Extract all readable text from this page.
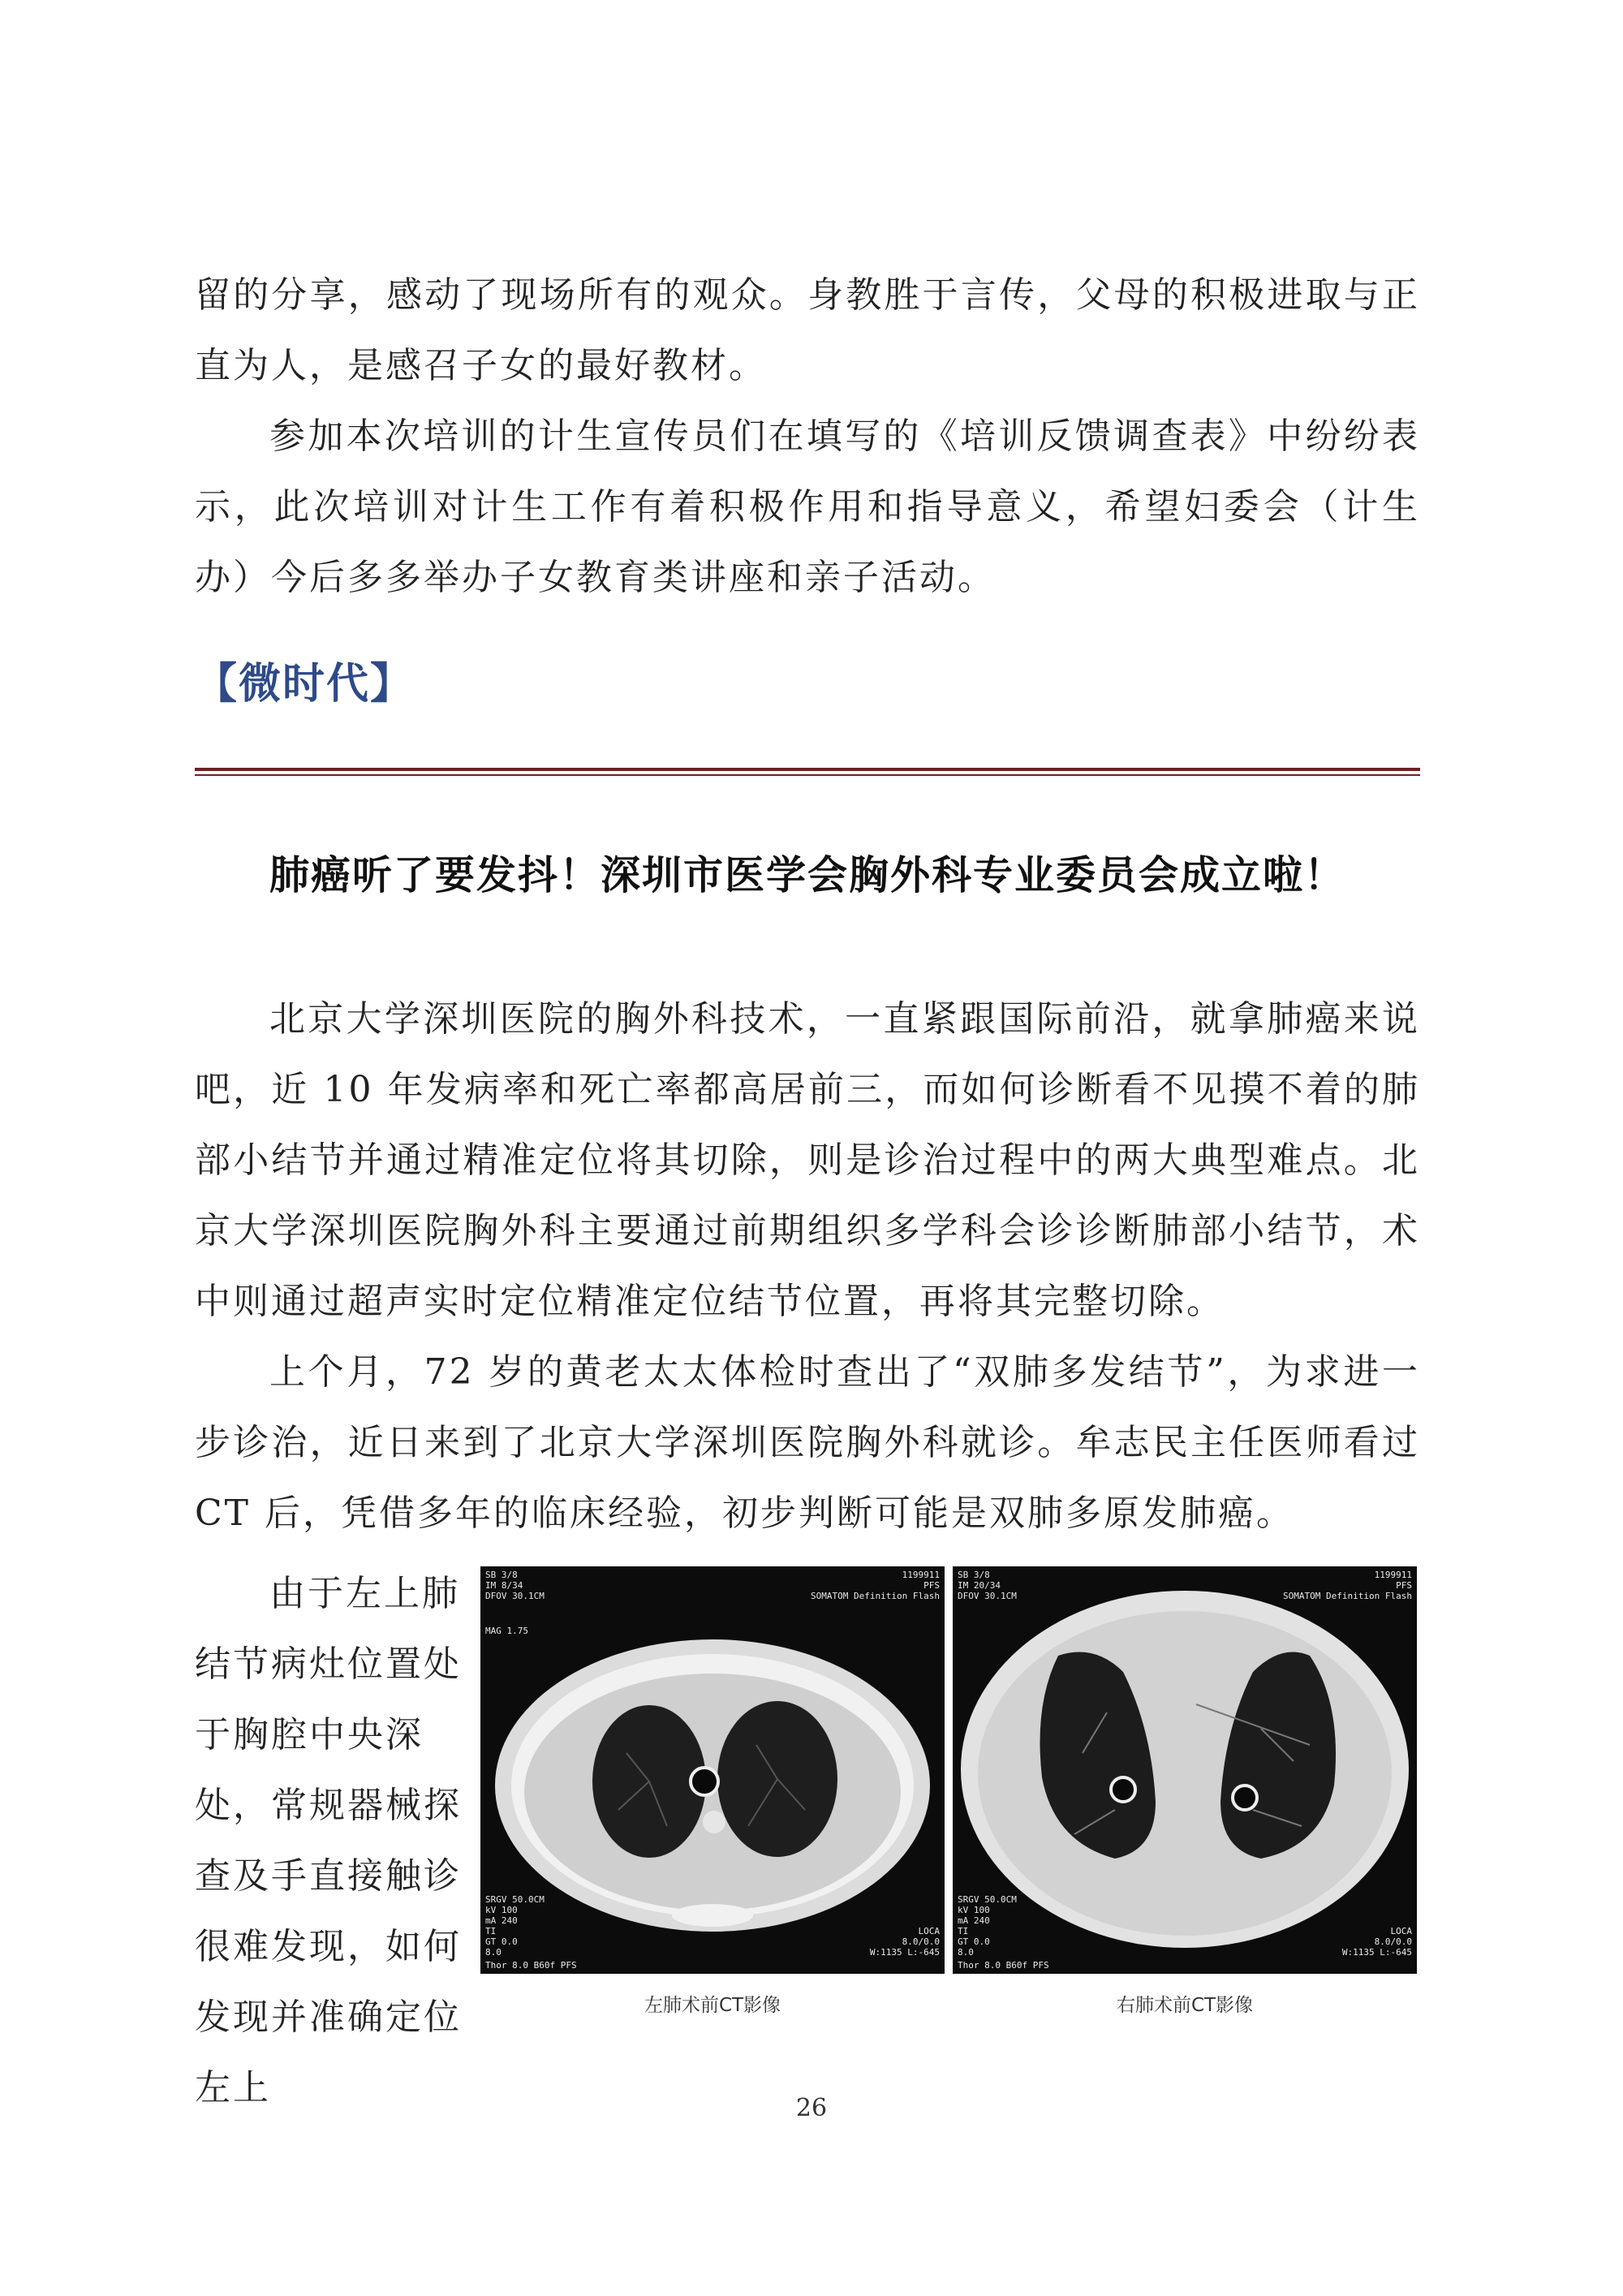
留的分享，感动了现场所有的观众。身教胜于言传，父母的积极进取与正直为人，是感召子女的最好教材。

参加本次培训的计生宣传员们在填写的《培训反馈调查表》中纷纷表示，此次培训对计生工作有着积极作用和指导意义，希望妇委会（计生办）今后多多举办子女教育类讲座和亲子活动。

【微时代】
肺癌听了要发抖！深圳市医学会胸外科专业委员会成立啦！

北京大学深圳医院的胸外科技术，一直紧跟国际前沿，就拿肺癌来说吧，近 10 年发病率和死亡率都高居前三，而如何诊断看不见摸不着的肺部小结节并通过精准定位将其切除，则是诊治过程中的两大典型难点。北京大学深圳医院胸外科主要通过前期组织多学科会诊诊断肺部小结节，术中则通过超声实时定位精准定位结节位置，再将其完整切除。

上个月，72 岁的黄老太太体检时查出了“双肺多发结节”，为求进一步诊治，近日来到了北京大学深圳医院胸外科就诊。牟志民主任医师看过 CT 后，凭借多年的临床经验，初步判断可能是双肺多原发肺癌。

由于左上肺结节病灶位置处于胸腔中央深处，常规器械探查及手直接触诊很难发现，如何发现并准确定位左上

SB 3/8
IM 8/34
DFOV 30.1CM
MAG 1.75
1199911
PFS
SOMATOM Definition Flash
SRGV 50.0CM
kV 100
mA 240
TI
GT 0.0
8.0
LOCA
8.0/0.0
W:1135 L:-645
Thor 8.0 B60f PFS
左肺术前CT影像
SB 3/8
IM 20/34
DFOV 30.1CM
1199911
PFS
SOMATOM Definition Flash
SRGV 50.0CM
kV 100
mA 240
TI
GT 0.0
8.0
LOCA
8.0/0.0
W:1135 L:-645
Thor 8.0 B60f PFS
右肺术前CT影像
26
